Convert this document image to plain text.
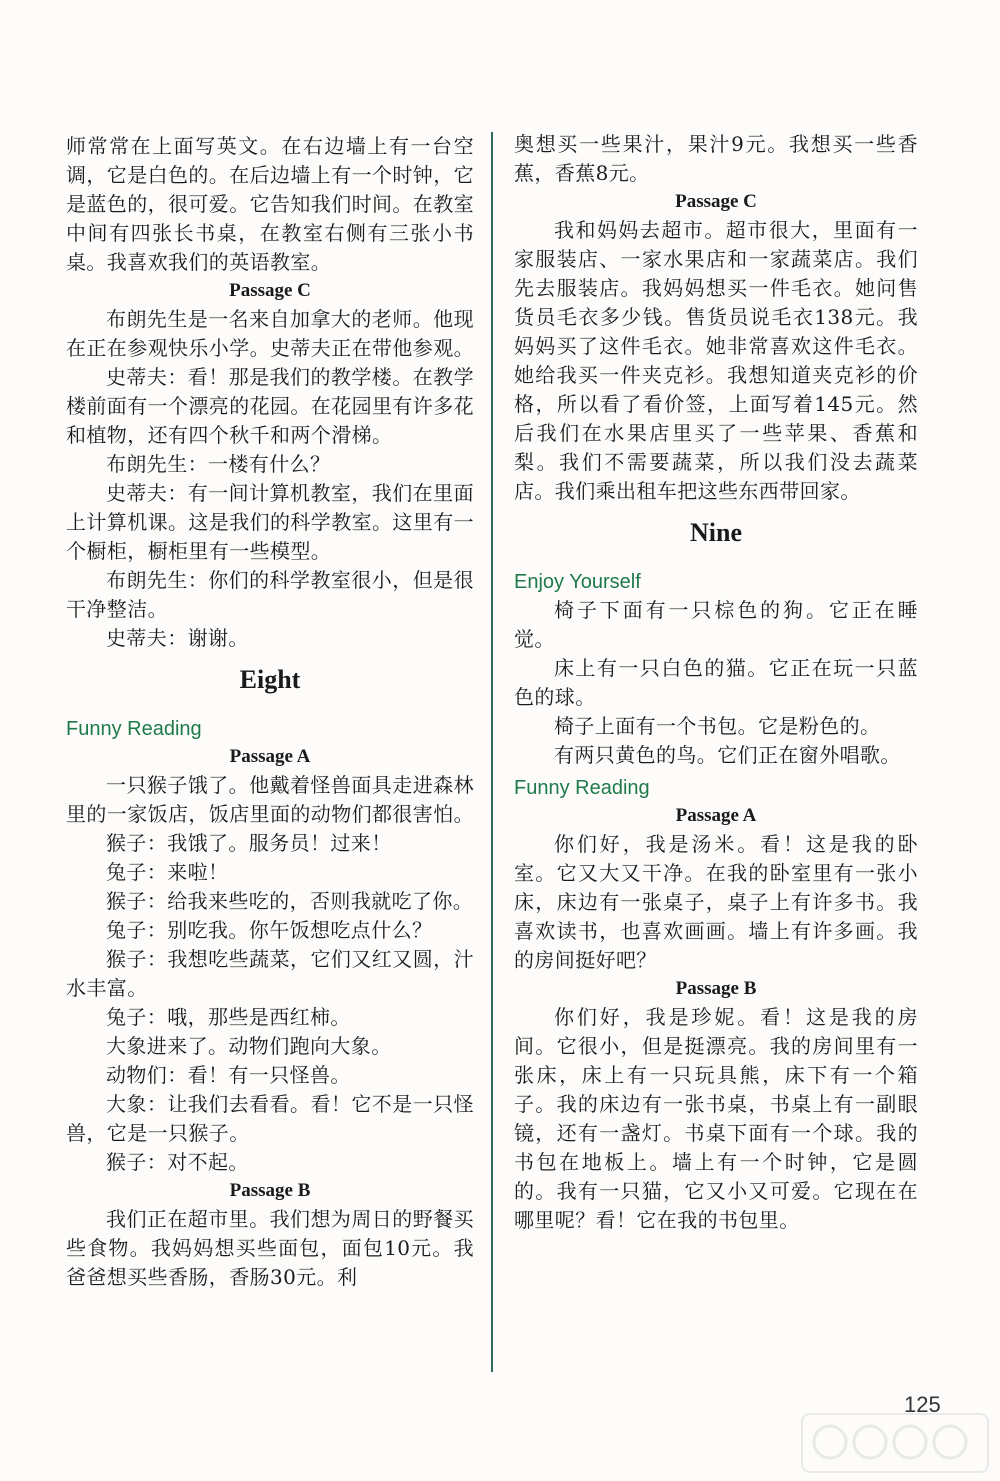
师常常在上面写英文。在右边墙上有一台空调，它是白色的。在后边墙上有一个时钟，它是蓝色的，很可爱。它告知我们时间。在教室中间有四张长书桌，在教室右侧有三张小书桌。我喜欢我们的英语教室。

Passage C

布朗先生是一名来自加拿大的老师。他现在正在参观快乐小学。史蒂夫正在带他参观。

史蒂夫：看！那是我们的教学楼。在教学楼前面有一个漂亮的花园。在花园里有许多花和植物，还有四个秋千和两个滑梯。

布朗先生：一楼有什么？

史蒂夫：有一间计算机教室，我们在里面上计算机课。这是我们的科学教室。这里有一个橱柜，橱柜里有一些模型。

布朗先生：你们的科学教室很小，但是很干净整洁。

史蒂夫：谢谢。

Eight
Funny Reading
Passage A

一只猴子饿了。他戴着怪兽面具走进森林里的一家饭店，饭店里面的动物们都很害怕。

猴子：我饿了。服务员！过来！

兔子：来啦！

猴子：给我来些吃的，否则我就吃了你。

兔子：别吃我。你午饭想吃点什么？

猴子：我想吃些蔬菜，它们又红又圆，汁水丰富。

兔子：哦，那些是西红柿。

大象进来了。动物们跑向大象。

动物们：看！有一只怪兽。

大象：让我们去看看。看！它不是一只怪兽，它是一只猴子。

猴子：对不起。

Passage B

我们正在超市里。我们想为周日的野餐买些食物。我妈妈想买些面包，面包10元。我爸爸想买些香肠，香肠30元。利

奥想买一些果汁，果汁9元。我想买一些香蕉，香蕉8元。

Passage C

我和妈妈去超市。超市很大，里面有一家服装店、一家水果店和一家蔬菜店。我们先去服装店。我妈妈想买一件毛衣。她问售货员毛衣多少钱。售货员说毛衣138元。我妈妈买了这件毛衣。她非常喜欢这件毛衣。她给我买一件夹克衫。我想知道夹克衫的价格，所以看了看价签，上面写着145元。然后我们在水果店里买了一些苹果、香蕉和梨。我们不需要蔬菜，所以我们没去蔬菜店。我们乘出租车把这些东西带回家。

Nine
Enjoy Yourself

椅子下面有一只棕色的狗。它正在睡觉。

床上有一只白色的猫。它正在玩一只蓝色的球。

椅子上面有一个书包。它是粉色的。

有两只黄色的鸟。它们正在窗外唱歌。

Funny Reading
Passage A

你们好，我是汤米。看！这是我的卧室。它又大又干净。在我的卧室里有一张小床，床边有一张桌子，桌子上有许多书。我喜欢读书，也喜欢画画。墙上有许多画。我的房间挺好吧？

Passage B

你们好，我是珍妮。看！这是我的房间。它很小，但是挺漂亮。我的房间里有一张床，床上有一只玩具熊，床下有一个箱子。我的床边有一张书桌，书桌上有一副眼镜，还有一盏灯。书桌下面有一个球。我的书包在地板上。墙上有一个时钟，它是圆的。我有一只猫，它又小又可爱。它现在在哪里呢？看！它在我的书包里。

125
